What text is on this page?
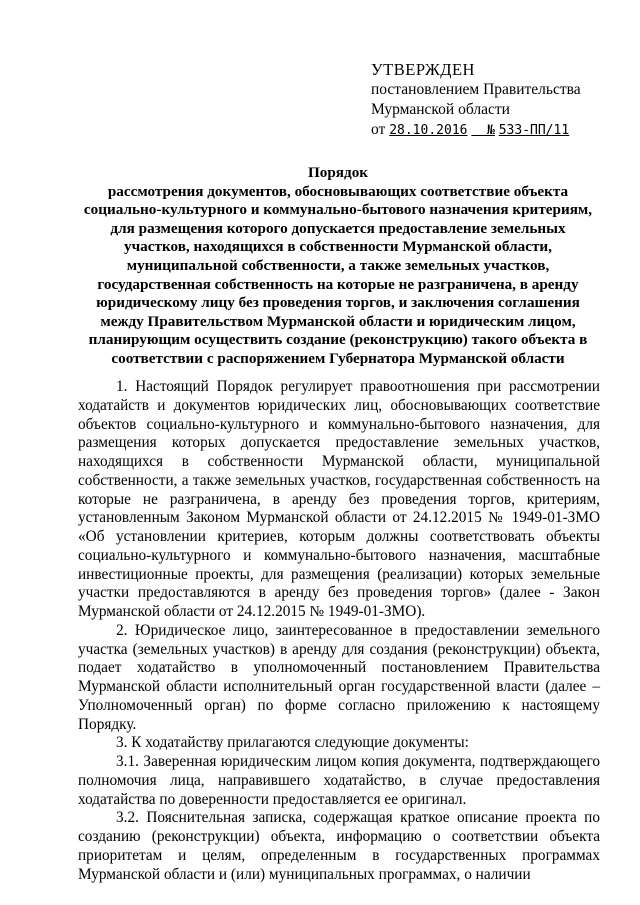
УТВЕРЖДЕН
постановлением Правительства
Мурманской области
от 28.10.2016 № 533-ПП/11
Порядок
рассмотрения документов, обосновывающих соответствие объекта социально-культурного и коммунально-бытового назначения критериям, для размещения которого допускается предоставление земельных участков, находящихся в собственности Мурманской области, муниципальной собственности, а также земельных участков, государственная собственность на которые не разграничена, в аренду юридическому лицу без проведения торгов, и заключения соглашения между Правительством Мурманской области и юридическим лицом, планирующим осуществить создание (реконструкцию) такого объекта в соответствии с распоряжением Губернатора Мурманской области

1. Настоящий Порядок регулирует правоотношения при рассмотрении ходатайств и документов юридических лиц, обосновывающих соответствие объектов социально-культурного и коммунально-бытового назначения, для размещения которых допускается предоставление земельных участков, находящихся в собственности Мурманской области, муниципальной собственности, а также земельных участков, государственная собственность на которые не разграничена, в аренду без проведения торгов, критериям, установленным Законом Мурманской области от 24.12.2015 № 1949-01-ЗМО «Об установлении критериев, которым должны соответствовать объекты социально-культурного и коммунально-бытового назначения, масштабные инвестиционные проекты, для размещения (реализации) которых земельные участки предоставляются в аренду без проведения торгов» (далее - Закон Мурманской области от 24.12.2015 № 1949-01-ЗМО).

2. Юридическое лицо, заинтересованное в предоставлении земельного участка (земельных участков) в аренду для создания (реконструкции) объекта, подает ходатайство в уполномоченный постановлением Правительства Мурманской области исполнительный орган государственной власти (далее – Уполномоченный орган) по форме согласно приложению к настоящему Порядку.

3. К ходатайству прилагаются следующие документы:

3.1. Заверенная юридическим лицом копия документа, подтверждающего полномочия лица, направившего ходатайство, в случае предоставления ходатайства по доверенности предоставляется ее оригинал.

3.2. Пояснительная записка, содержащая краткое описание проекта по созданию (реконструкции) объекта, информацию о соответствии объекта приоритетам и целям, определенным в государственных программах Мурманской области и (или) муниципальных программах, о наличии
